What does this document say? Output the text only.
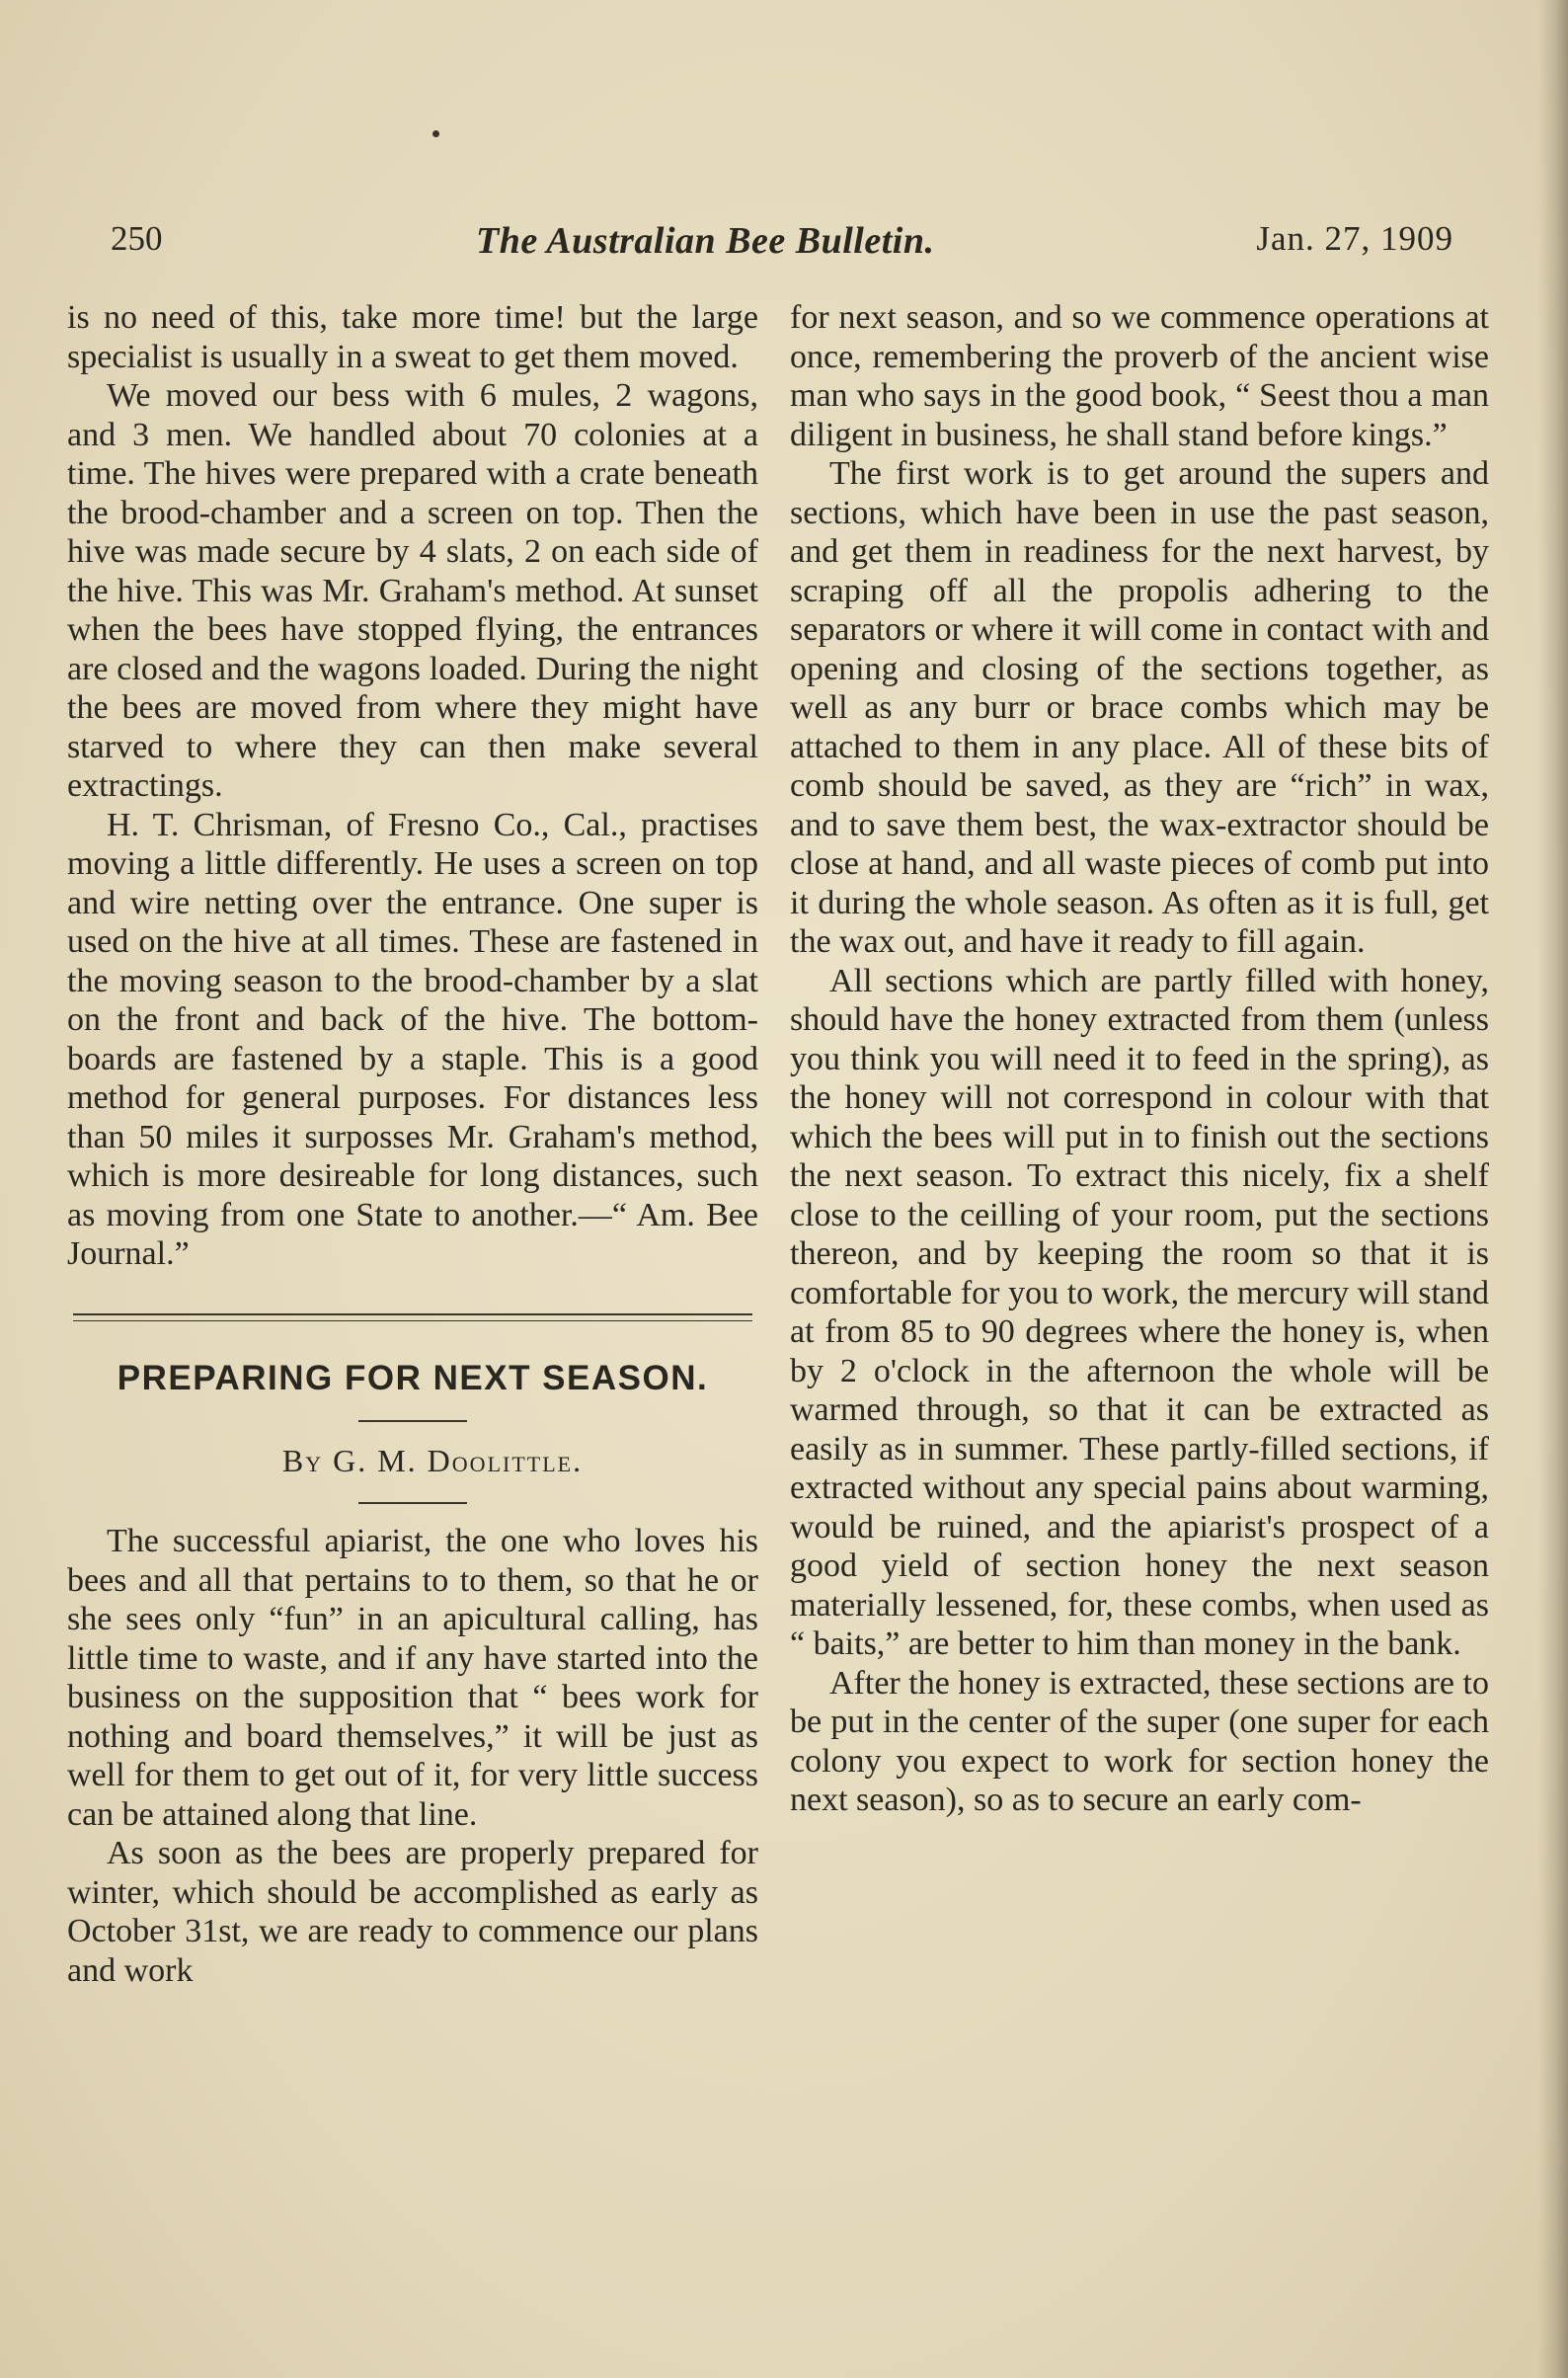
250	The Australian Bee Bulletin.	Jan. 27, 1909

is no need of this, take more time! but the large specialist is usually in a sweat to get them moved.

We moved our bess with 6 mules, 2 wagons, and 3 men. We handled about 70 colonies at a time. The hives were prepared with a crate beneath the brood-chamber and a screen on top. Then the hive was made secure by 4 slats, 2 on each side of the hive. This was Mr. Graham's method. At sunset when the bees have stopped flying, the entrances are closed and the wagons loaded. During the night the bees are moved from where they might have starved to where they can then make several extractings.

H. T. Chrisman, of Fresno Co., Cal., practises moving a little differently. He uses a screen on top and wire netting over the entrance. One super is used on the hive at all times. These are fastened in the moving season to the brood-chamber by a slat on the front and back of the hive. The bottom-boards are fastened by a staple. This is a good method for general purposes. For distances less than 50 miles it surposses Mr. Graham's method, which is more desireable for long distances, such as moving from one State to another.—“ Am. Bee Journal.”

PREPARING FOR NEXT SEASON.

By G. M. Doolittle.

The successful apiarist, the one who loves his bees and all that pertains to to them, so that he or she sees only “fun” in an apicultural calling, has little time to waste, and if any have started into the business on the supposition that “ bees work for nothing and board themselves,” it will be just as well for them to get out of it, for very little success can be attained along that line.

As soon as the bees are properly prepared for winter, which should be accomplished as early as October 31st, we are ready to commence our plans and work

for next season, and so we commence operations at once, remembering the proverb of the ancient wise man who says in the good book, “ Seest thou a man diligent in business, he shall stand before kings.”

The first work is to get around the supers and sections, which have been in use the past season, and get them in readiness for the next harvest, by scraping off all the propolis adhering to the separators or where it will come in contact with and opening and closing of the sections together, as well as any burr or brace combs which may be attached to them in any place. All of these bits of comb should be saved, as they are “rich” in wax, and to save them best, the wax-extractor should be close at hand, and all waste pieces of comb put into it during the whole season. As often as it is full, get the wax out, and have it ready to fill again.

All sections which are partly filled with honey, should have the honey extracted from them (unless you think you will need it to feed in the spring), as the honey will not correspond in colour with that which the bees will put in to finish out the sections the next season. To extract this nicely, fix a shelf close to the ceilling of your room, put the sections thereon, and by keeping the room so that it is comfortable for you to work, the mercury will stand at from 85 to 90 degrees where the honey is, when by 2 o'clock in the afternoon the whole will be warmed through, so that it can be extracted as easily as in summer. These partly-filled sections, if extracted without any special pains about warming, would be ruined, and the apiarist's prospect of a good yield of section honey the next season materially lessened, for, these combs, when used as “ baits,” are better to him than money in the bank.

After the honey is extracted, these sections are to be put in the center of the super (one super for each colony you expect to work for section honey the next season), so as to secure an early com-
